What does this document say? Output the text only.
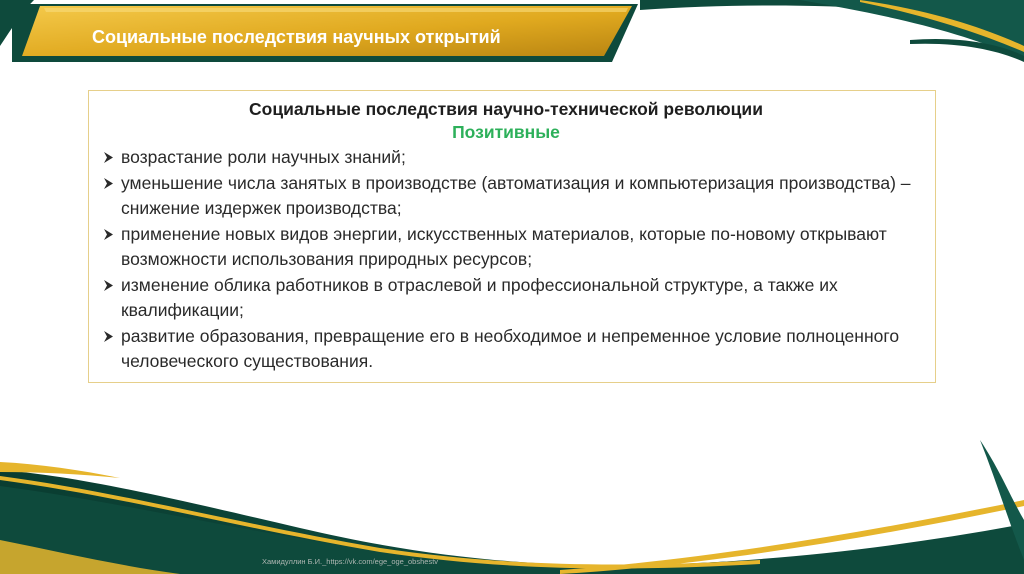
Социальные последствия научных открытий

Социальные последствия научно-технической революции

Позитивные

возрастание роли научных знаний;
уменьшение числа занятых в производстве (автоматизация и компьютеризация производства) – снижение издержек производства;
применение новых видов энергии, искусственных материалов, которые по-новому открывают возможности использования природных ресурсов;
изменение облика работников в отраслевой и профессиональной структуре, а также их квалификации;
развитие образования, превращение его в необходимое и непременное условие полноценного человеческого существования.
Хамидуллин Б.И._https://vk.com/ege_oge_obshestv
